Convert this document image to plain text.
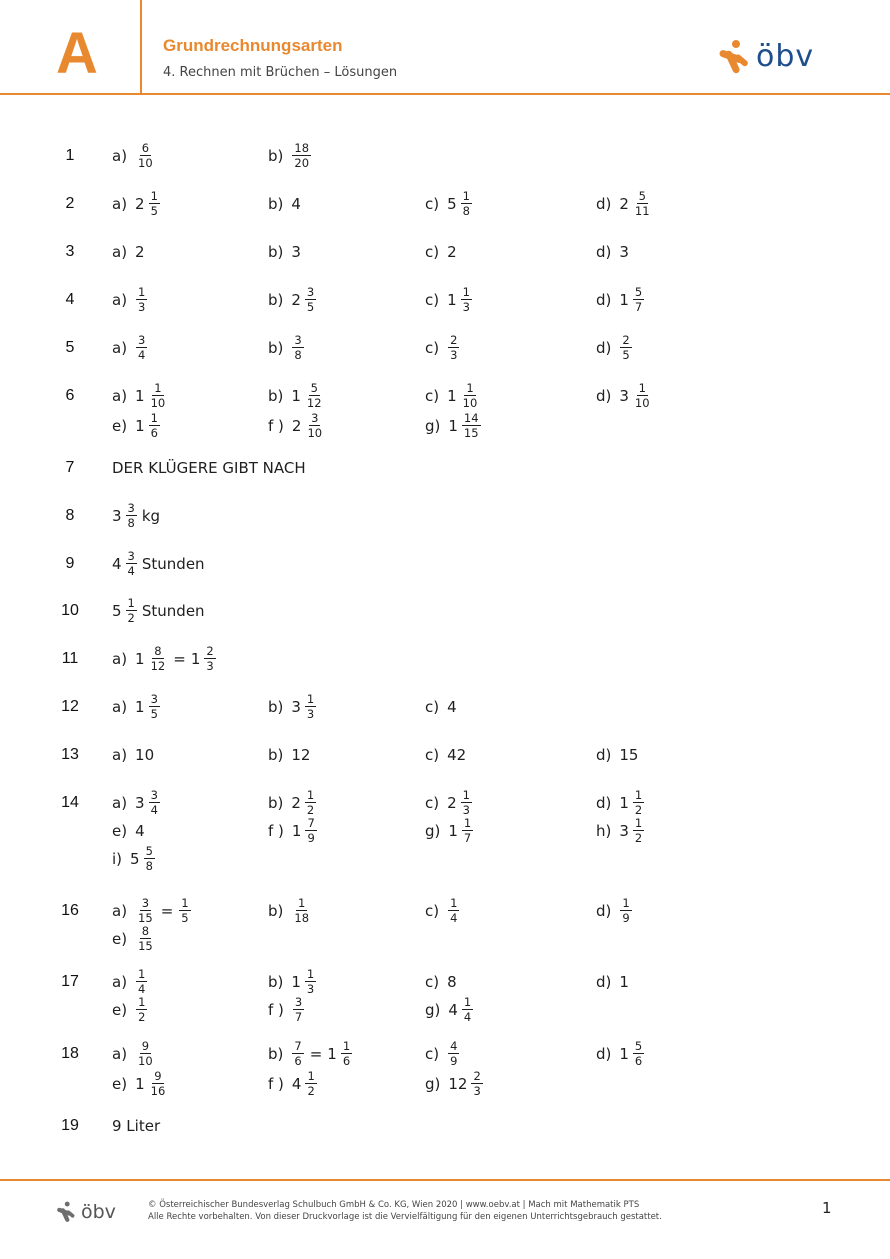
A	Grundrechnungsarten
4. Rechnen mit Brüchen – Lösungen	öbv
1	$a) \frac{6}{10}$	$b) \frac{18}{20}$
2	a) $2 \frac{1}{5}$	b) 4	c) $5 \frac{1}{8}$	d) $2 \frac{5}{11}$
3	a) 2	b) 3	c) 2	d) 3
4	$a) \frac{1}{3}$	b) $2 \frac{3}{5}$	c) $1 \frac{1}{3}$	d) $1 \frac{5}{7}$
5	$a) \frac{3}{4}$	$b) \frac{3}{8}$	$c) \frac{2}{3}$	$d) \frac{2}{5}$
6	a) $1 \frac{1}{10}$	b) $1 \frac{5}{12}$	c) $1 \frac{1}{10}$	d) $3 \frac{1}{10}$
e) $1 \frac{1}{6}$	f ) $2 \frac{3}{10}$	g) $1 \frac{14}{15}$
7	DER KLÜGERE GIBT NACH
8	$3 \frac{3}{8}$ kg
9	$4 \frac{3}{4}$ Stunden
10	$5 \frac{1}{2}$ Stunden
11	a) $1 \frac{8}{12} = 1 \frac{2}{3}$
12	a) $1 \frac{3}{5}$	b) $3 \frac{1}{3}$	c) 4
13	a) 10	b) 12	c) 42	d) 15
14	a) $3 \frac{3}{4}$	b) $2 \frac{1}{2}$	c) $2 \frac{1}{3}$	d) $1 \frac{1}{2}$
e) 4	f ) $1 \frac{7}{9}$	g) $1 \frac{1}{7}$	h) $3 \frac{1}{2}$
i) $5 \frac{5}{8}$
16	$a) \frac{3}{15} = \frac{1}{5}$	$b) \frac{1}{18}$	$c) \frac{1}{4}$	$d) \frac{1}{9}$
$e) \frac{8}{15}$
17	$a) \frac{1}{4}$	b) $1 \frac{1}{3}$	c) 8	d) 1
$e) \frac{1}{2}$	f ) $\frac{3}{7}$	g) $4 \frac{1}{4}$
18	$a) \frac{9}{10}$	$b) \frac{7}{6} = 1 \frac{1}{6}$	$c) \frac{4}{9}$	d) $1 \frac{5}{6}$
e) $1 \frac{9}{16}$	f ) $4 \frac{1}{2}$	g) $12 \frac{2}{3}$
19	9 Liter
öbv	© Österreichischer Bundesverlag Schulbuch GmbH & Co. KG, Wien 2020 | www.oebv.at | Mach mit Mathematik PTS
Alle Rechte vorbehalten. Von dieser Druckvorlage ist die Vervielfältigung für den eigenen Unterrichtsgebrauch gestattet.	1
